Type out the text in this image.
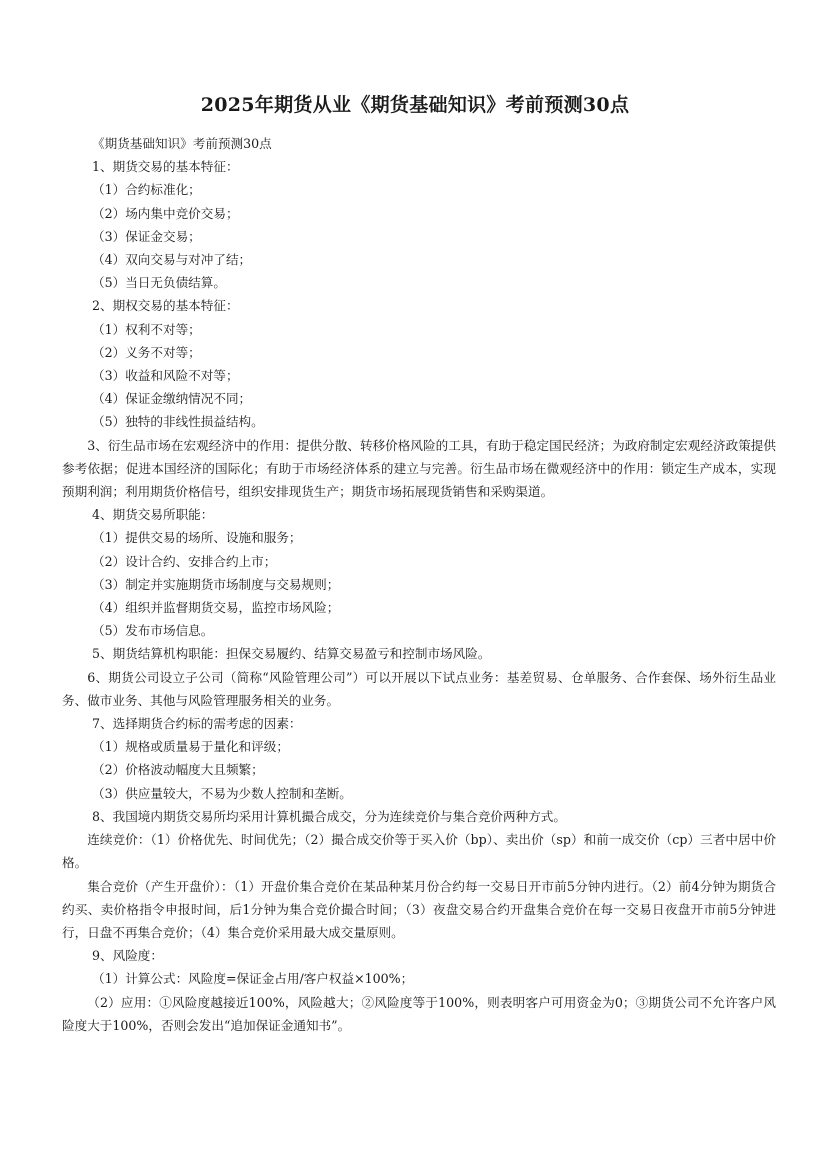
2025年期货从业《期货基础知识》考前预测30点

《期货基础知识》考前预测30点

1、期货交易的基本特征：

（1）合约标准化；

（2）场内集中竞价交易；

（3）保证金交易；

（4）双向交易与对冲了结；

（5）当日无负债结算。

2、期权交易的基本特征：

（1）权利不对等；

（2）义务不对等；

（3）收益和风险不对等；

（4）保证金缴纳情况不同；

（5）独特的非线性损益结构。

3、衍生品市场在宏观经济中的作用：提供分散、转移价格风险的工具，有助于稳定国民经济；为政府制定宏观经济政策提供参考依据；促进本国经济的国际化；有助于市场经济体系的建立与完善。衍生品市场在微观经济中的作用：锁定生产成本，实现预期利润；利用期货价格信号，组织安排现货生产；期货市场拓展现货销售和采购渠道。

4、期货交易所职能：

（1）提供交易的场所、设施和服务；

（2）设计合约、安排合约上市；

（3）制定并实施期货市场制度与交易规则；

（4）组织并监督期货交易，监控市场风险；

（5）发布市场信息。

5、期货结算机构职能：担保交易履约、结算交易盈亏和控制市场风险。

6、期货公司设立子公司（简称“风险管理公司”）可以开展以下试点业务：基差贸易、仓单服务、合作套保、场外衍生品业务、做市业务、其他与风险管理服务相关的业务。

7、选择期货合约标的需考虑的因素：

（1）规格或质量易于量化和评级；

（2）价格波动幅度大且频繁；

（3）供应量较大，不易为少数人控制和垄断。

8、我国境内期货交易所均采用计算机撮合成交，分为连续竞价与集合竞价两种方式。

连续竞价：（1）价格优先、时间优先；（2）撮合成交价等于买入价（bp）、卖出价（sp）和前一成交价（cp）三者中居中价格。

集合竞价（产生开盘价）：（1）开盘价集合竞价在某品种某月份合约每一交易日开市前5分钟内进行。（2）前4分钟为期货合约买、卖价格指令申报时间，后1分钟为集合竞价撮合时间；（3）夜盘交易合约开盘集合竞价在每一交易日夜盘开市前5分钟进行，日盘不再集合竞价；（4）集合竞价采用最大成交量原则。

9、风险度：

（1）计算公式：风险度=保证金占用/客户权益×100%；

（2）应用：①风险度越接近100%，风险越大；②风险度等于100%，则表明客户可用资金为0；③期货公司不允许客户风险度大于100%，否则会发出“追加保证金通知书”。
